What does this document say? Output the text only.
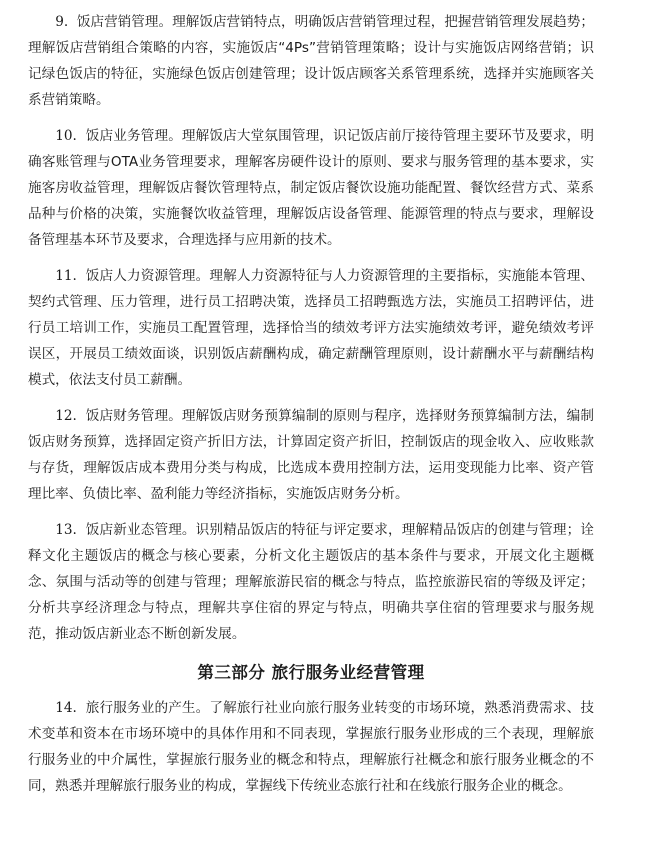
9. 饭店营销管理。理解饭店营销特点，明确饭店营销管理过程，把握营销管理发展趋势；理解饭店营销组合策略的内容，实施饭店“4Ps”营销管理策略；设计与实施饭店网络营销；识记绿色饭店的特征，实施绿色饭店创建管理；设计饭店顾客关系管理系统，选择并实施顾客关系营销策略。

10. 饭店业务管理。理解饭店大堂氛围管理，识记饭店前厅接待管理主要环节及要求，明确客账管理与OTA业务管理要求，理解客房硬件设计的原则、要求与服务管理的基本要求，实施客房收益管理，理解饭店餐饮管理特点，制定饭店餐饮设施功能配置、餐饮经营方式、菜系品种与价格的决策，实施餐饮收益管理，理解饭店设备管理、能源管理的特点与要求，理解设备管理基本环节及要求，合理选择与应用新的技术。

11. 饭店人力资源管理。理解人力资源特征与人力资源管理的主要指标，实施能本管理、契约式管理、压力管理，进行员工招聘决策，选择员工招聘甄选方法，实施员工招聘评估，进行员工培训工作，实施员工配置管理，选择恰当的绩效考评方法实施绩效考评，避免绩效考评误区，开展员工绩效面谈，识别饭店薪酬构成，确定薪酬管理原则，设计薪酬水平与薪酬结构模式，依法支付员工薪酬。

12. 饭店财务管理。理解饭店财务预算编制的原则与程序，选择财务预算编制方法，编制饭店财务预算，选择固定资产折旧方法，计算固定资产折旧，控制饭店的现金收入、应收账款与存货，理解饭店成本费用分类与构成，比选成本费用控制方法，运用变现能力比率、资产管理比率、负债比率、盈利能力等经济指标，实施饭店财务分析。

13. 饭店新业态管理。识别精品饭店的特征与评定要求，理解精品饭店的创建与管理；诠释文化主题饭店的概念与核心要素，分析文化主题饭店的基本条件与要求，开展文化主题概念、氛围与活动等的创建与管理；理解旅游民宿的概念与特点，监控旅游民宿的等级及评定；分析共享经济理念与特点，理解共享住宿的界定与特点，明确共享住宿的管理要求与服务规范，推动饭店新业态不断创新发展。

第三部分 旅行服务业经营管理

14. 旅行服务业的产生。了解旅行社业向旅行服务业转变的市场环境，熟悉消费需求、技术变革和资本在市场环境中的具体作用和不同表现，掌握旅行服务业形成的三个表现，理解旅行服务业的中介属性，掌握旅行服务业的概念和特点，理解旅行社概念和旅行服务业概念的不同，熟悉并理解旅行服务业的构成，掌握线下传统业态旅行社和在线旅行服务企业的概念。
